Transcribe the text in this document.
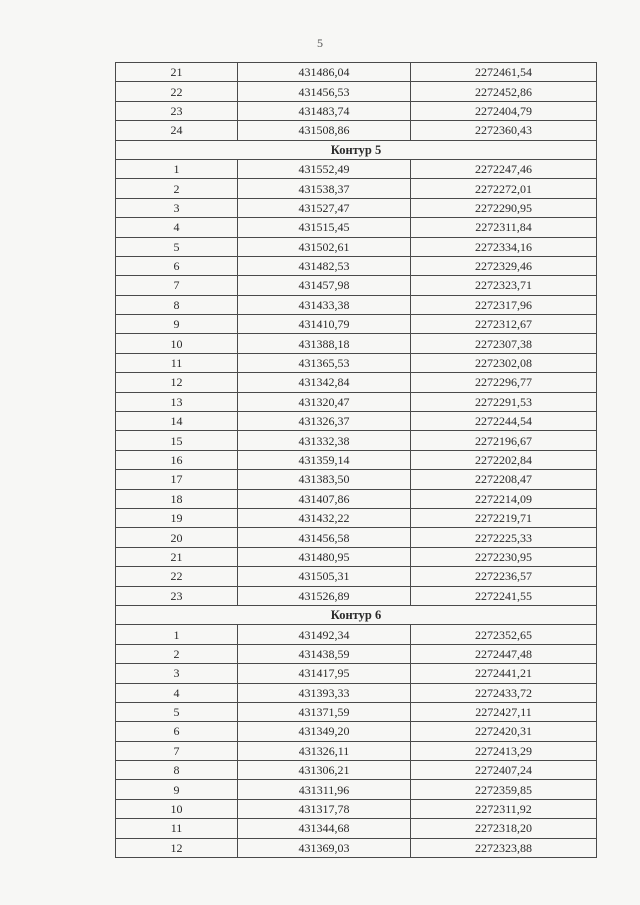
5
21	431486,04	2272461,54
22	431456,53	2272452,86
23	431483,74	2272404,79
24	431508,86	2272360,43
Контур 5		
1	431552,49	2272247,46
2	431538,37	2272272,01
3	431527,47	2272290,95
4	431515,45	2272311,84
5	431502,61	2272334,16
6	431482,53	2272329,46
7	431457,98	2272323,71
8	431433,38	2272317,96
9	431410,79	2272312,67
10	431388,18	2272307,38
11	431365,53	2272302,08
12	431342,84	2272296,77
13	431320,47	2272291,53
14	431326,37	2272244,54
15	431332,38	2272196,67
16	431359,14	2272202,84
17	431383,50	2272208,47
18	431407,86	2272214,09
19	431432,22	2272219,71
20	431456,58	2272225,33
21	431480,95	2272230,95
22	431505,31	2272236,57
23	431526,89	2272241,55
Контур 6		
1	431492,34	2272352,65
2	431438,59	2272447,48
3	431417,95	2272441,21
4	431393,33	2272433,72
5	431371,59	2272427,11
6	431349,20	2272420,31
7	431326,11	2272413,29
8	431306,21	2272407,24
9	431311,96	2272359,85
10	431317,78	2272311,92
11	431344,68	2272318,20
12	431369,03	2272323,88
